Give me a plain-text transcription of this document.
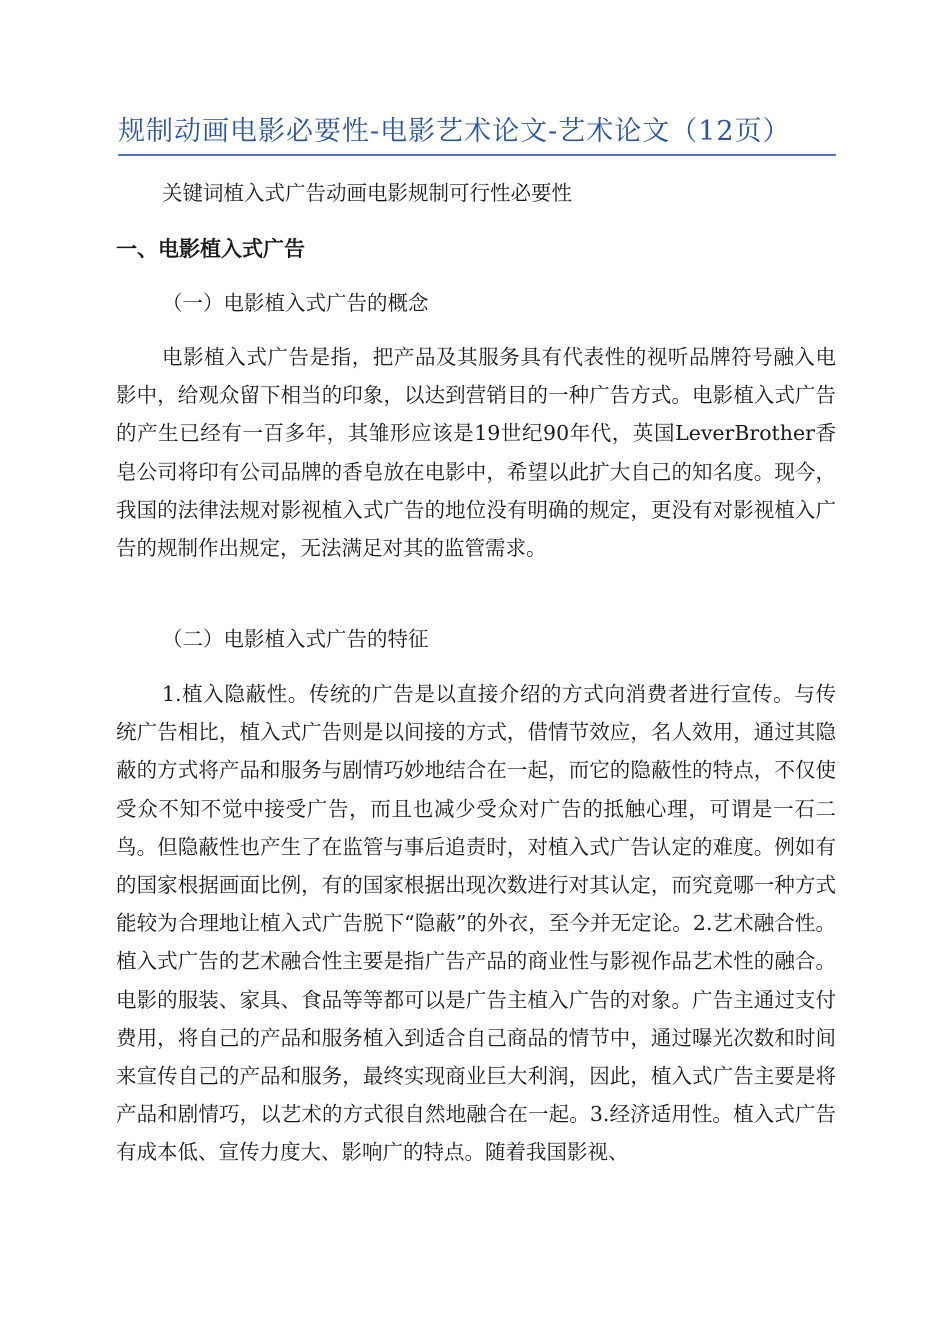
规制动画电影必要性-电影艺术论文-艺术论文（12页）
关键词植入式广告动画电影规制可行性必要性
一、电影植入式广告
（一）电影植入式广告的概念
电影植入式广告是指，把产品及其服务具有代表性的视听品牌符号融入电影中，给观众留下相当的印象，以达到营销目的一种广告方式。电影植入式广告的产生已经有一百多年，其雏形应该是19世纪90年代，英国LeverBrother香皂公司将印有公司品牌的香皂放在电影中，希望以此扩大自己的知名度。现今，我国的法律法规对影视植入式广告的地位没有明确的规定，更没有对影视植入广告的规制作出规定，无法满足对其的监管需求。
（二）电影植入式广告的特征
1.植入隐蔽性。传统的广告是以直接介绍的方式向消费者进行宣传。与传统广告相比，植入式广告则是以间接的方式，借情节效应，名人效用，通过其隐蔽的方式将产品和服务与剧情巧妙地结合在一起，而它的隐蔽性的特点，不仅使受众不知不觉中接受广告，而且也减少受众对广告的抵触心理，可谓是一石二鸟。但隐蔽性也产生了在监管与事后追责时，对植入式广告认定的难度。例如有的国家根据画面比例，有的国家根据出现次数进行对其认定，而究竟哪一种方式能较为合理地让植入式广告脱下“隐蔽”的外衣，至今并无定论。2.艺术融合性。植入式广告的艺术融合性主要是指广告产品的商业性与影视作品艺术性的融合。电影的服装、家具、食品等等都可以是广告主植入广告的对象。广告主通过支付费用，将自己的产品和服务植入到适合自己商品的情节中，通过曝光次数和时间来宣传自己的产品和服务，最终实现商业巨大利润，因此，植入式广告主要是将产品和剧情巧，以艺术的方式很自然地融合在一起。3.经济适用性。植入式广告有成本低、宣传力度大、影响广的特点。随着我国影视、
